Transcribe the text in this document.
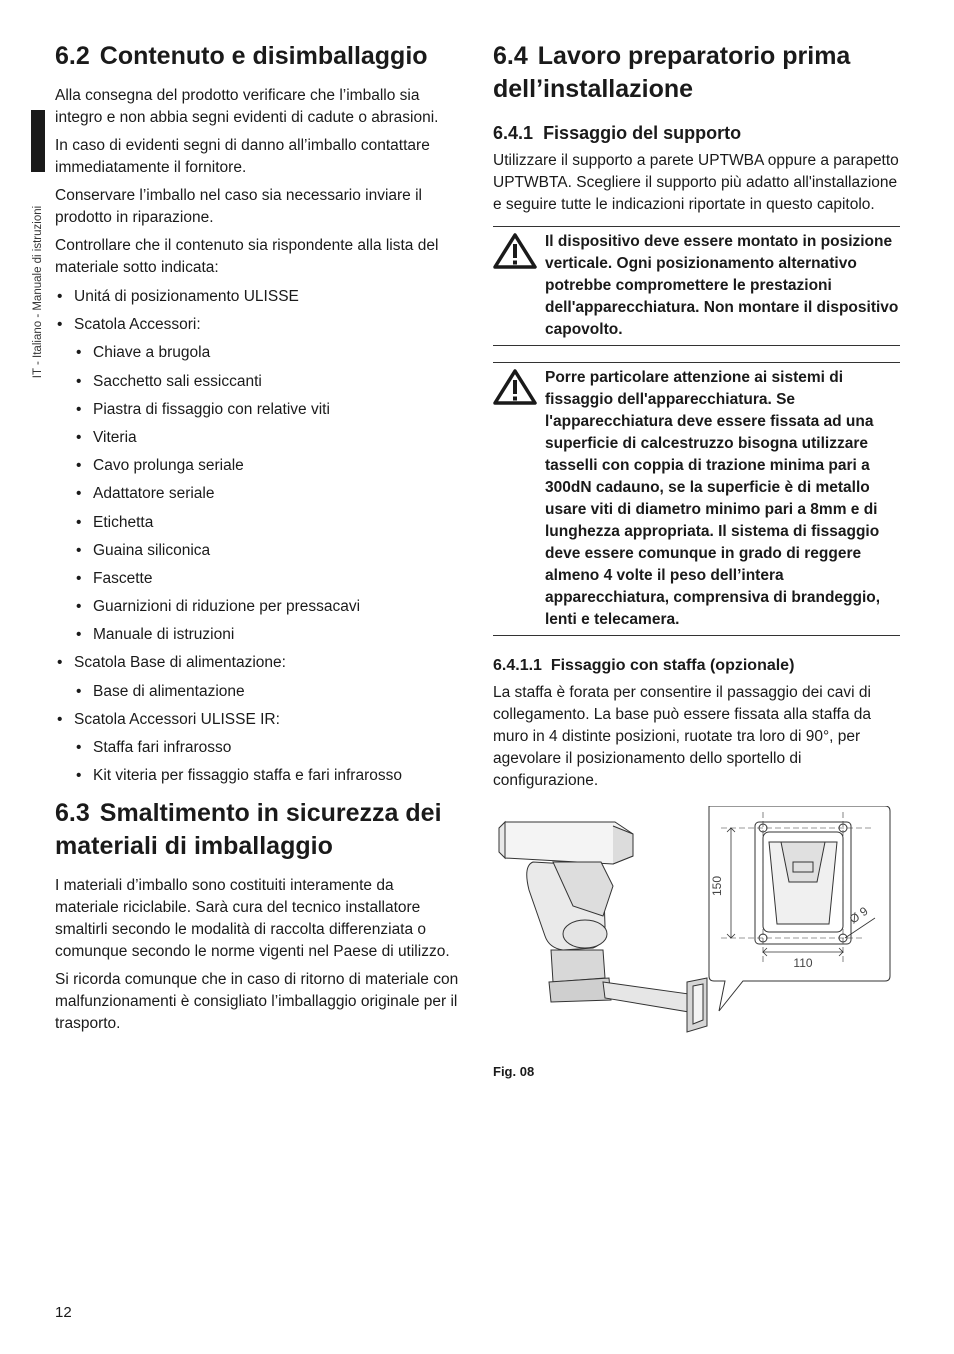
IT - Italiano - Manuale di istruzioni
6.2 Contenuto e disimballaggio

Alla consegna del prodotto verificare che l’imballo sia integro e non abbia segni evidenti di cadute o abrasioni.

In caso di evidenti segni di danno all’imballo contattare immediatamente il fornitore.

Conservare l’imballo nel caso sia necessario inviare il prodotto in riparazione.

Controllare che il contenuto sia rispondente alla lista del materiale sotto indicata:

• Unitá di posizionamento ULISSE
• Scatola Accessori:
• Chiave a brugola
• Sacchetto sali essiccanti
• Piastra di fissaggio con relative viti
• Viteria
• Cavo prolunga seriale
• Adattatore seriale
• Etichetta
• Guaina siliconica
• Fascette
• Guarnizioni di riduzione per pressacavi
• Manuale di istruzioni
• Scatola Base di alimentazione:
• Base di alimentazione
• Scatola Accessori ULISSE IR:
• Staffa fari infrarosso
• Kit viteria per fissaggio staffa e fari infrarosso
6.3 Smaltimento in sicurezza dei materiali di imballaggio

I materiali d’imballo sono costituiti interamente da materiale riciclabile. Sarà cura del tecnico installatore smaltirli secondo le modalità di raccolta differenziata o comunque secondo le norme vigenti nel Paese di utilizzo.

Si ricorda comunque che in caso di ritorno di materiale con malfunzionamenti è consigliato l’imballaggio originale per il trasporto.

6.4 Lavoro preparatorio prima dell’installazione
6.4.1 Fissaggio del supporto

Utilizzare il supporto a parete UPTWBA oppure a parapetto UPTWBTA. Scegliere il supporto più adatto all'installazione e seguire tutte le indicazioni riportate in questo capitolo.

Il dispositivo deve essere montato in posizione verticale. Ogni posizionamento alternativo potrebbe compromettere le prestazioni dell'apparecchiatura. Non montare il dispositivo capovolto.

Porre particolare attenzione ai sistemi di fissaggio dell'apparecchiatura. Se l'apparecchiatura deve essere fissata ad una superficie di calcestruzzo bisogna utilizzare tasselli con coppia di trazione minima pari a 300dN cadauno, se la superficie è di metallo usare viti di diametro minimo pari a 8mm e di lunghezza appropriata. Il sistema di fissaggio deve essere comunque in grado di reggere almeno 4 volte il peso dell’intera apparecchiatura, comprensiva di brandeggio, lenti e telecamera.

6.4.1.1 Fissaggio con staffa (opzionale)

La staffa è forata per consentire il passaggio dei cavi di collegamento. La base può essere fissata alla staffa da muro in 4 distinte posizioni, ruotate tra loro di 90°, per agevolare il posizionamento dello sportello di configurazione.

150
110
Ø 9
Fig. 08
12
